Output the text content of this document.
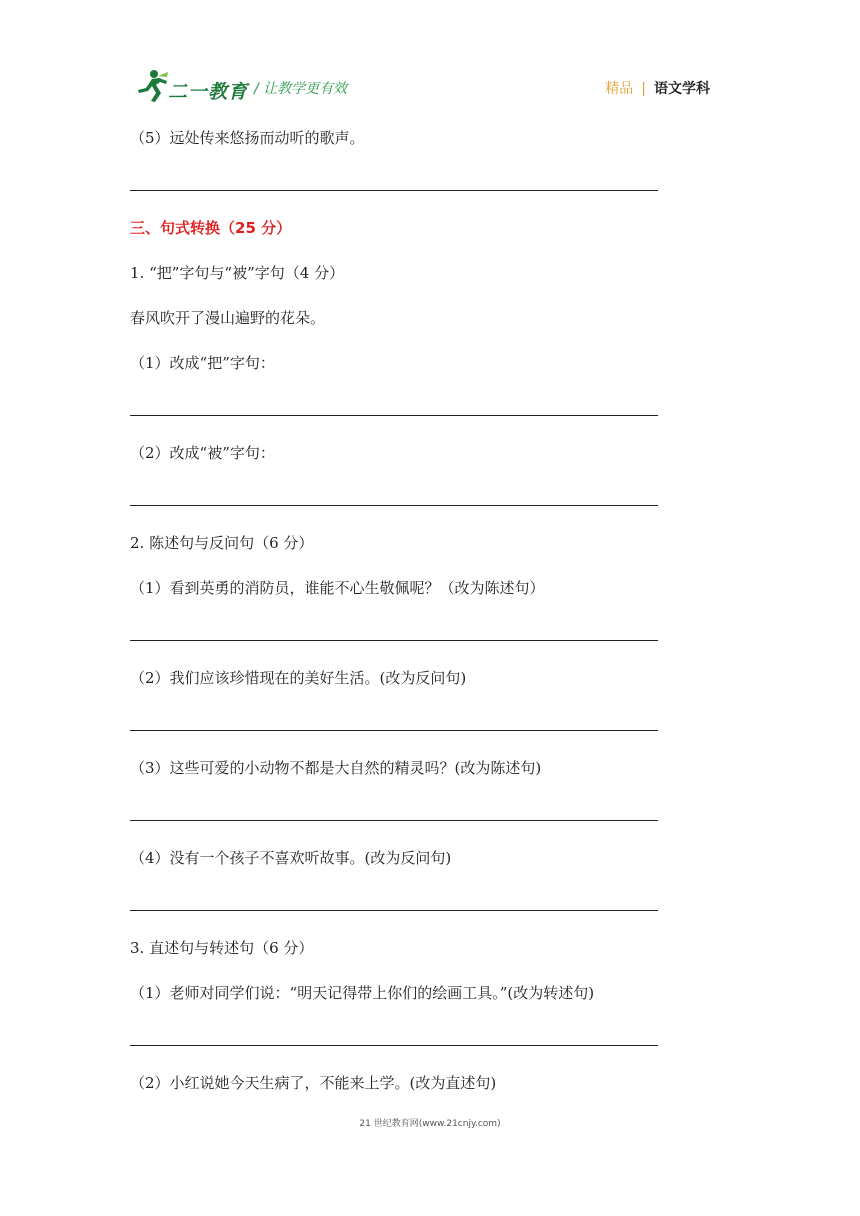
二一教育 / 让教学更有效	精品 | 语文学科
（5）远处传来悠扬而动听的歌声。
三、句式转换（25 分）
1. “把”字句与“被”字句（4 分）
春风吹开了漫山遍野的花朵。
（1）改成“把”字句：
（2）改成“被”字句：
2. 陈述句与反问句（6 分）
（1）看到英勇的消防员，谁能不心生敬佩呢？（改为陈述句）
（2）我们应该珍惜现在的美好生活。(改为反问句)
（3）这些可爱的小动物不都是大自然的精灵吗？(改为陈述句)
（4）没有一个孩子不喜欢听故事。(改为反问句)
3. 直述句与转述句（6 分）
（1）老师对同学们说：“明天记得带上你们的绘画工具。”(改为转述句)
（2）小红说她今天生病了，不能来上学。(改为直述句)
21 世纪教育网(www.21cnjy.com)
